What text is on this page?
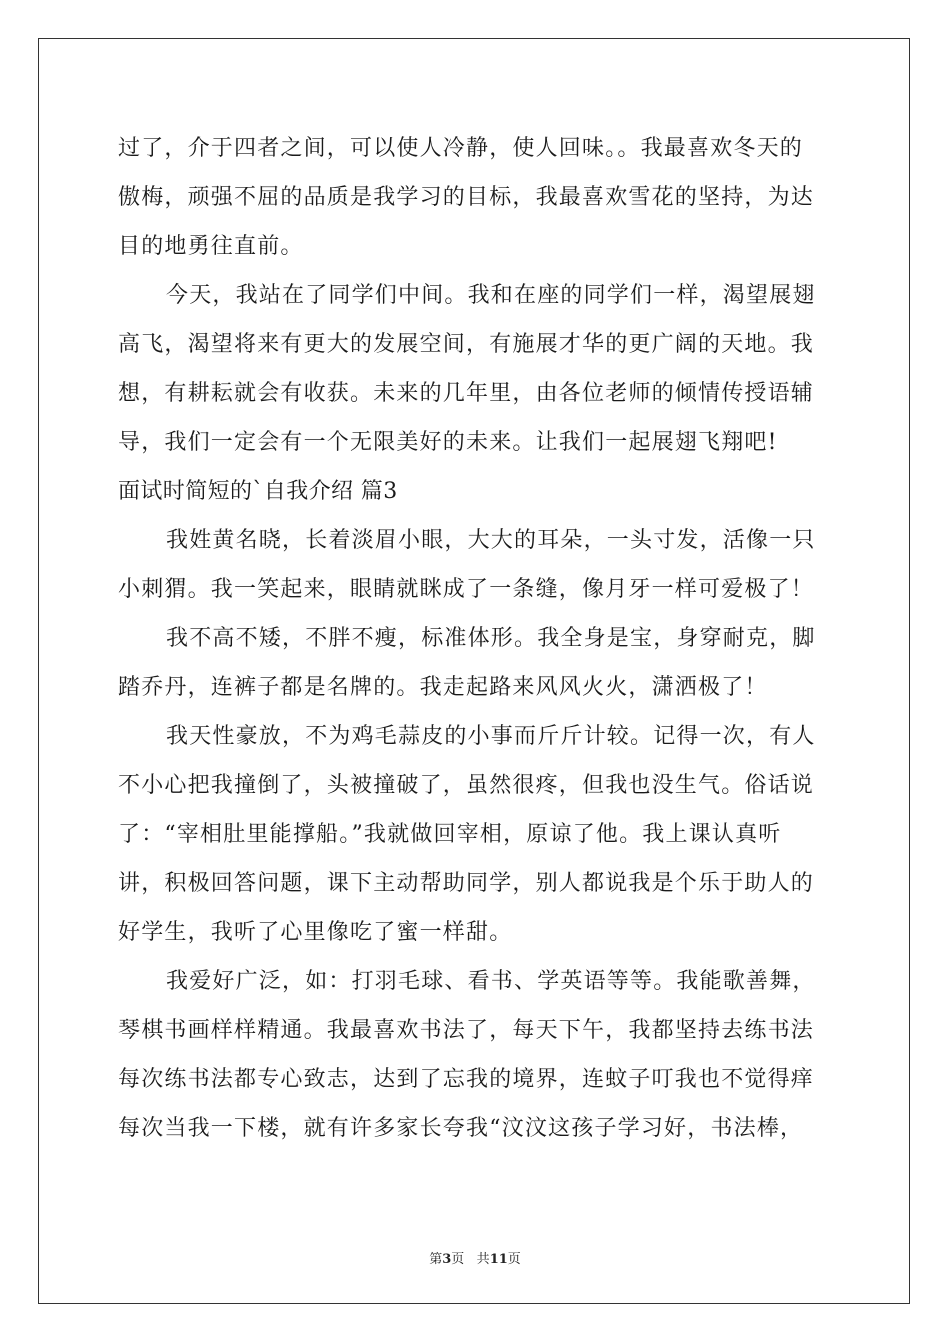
过了，介于四者之间，可以使人冷静，使人回味。。我最喜欢冬天的
傲梅，顽强不屈的品质是我学习的目标，我最喜欢雪花的坚持，为达
目的地勇往直前。
今天，我站在了同学们中间。我和在座的同学们一样，渴望展翅
高飞，渴望将来有更大的发展空间，有施展才华的更广阔的天地。我
想，有耕耘就会有收获。未来的几年里，由各位老师的倾情传授语辅
导，我们一定会有一个无限美好的未来。让我们一起展翅飞翔吧!
面试时简短的`自我介绍 篇3
我姓黄名晓，长着淡眉小眼，大大的耳朵，一头寸发，活像一只
小刺猬。我一笑起来，眼睛就眯成了一条缝，像月牙一样可爱极了！
我不高不矮，不胖不瘦，标准体形。我全身是宝，身穿耐克，脚
踏乔丹，连裤子都是名牌的。我走起路来风风火火，潇洒极了！
我天性豪放，不为鸡毛蒜皮的小事而斤斤计较。记得一次，有人
不小心把我撞倒了，头被撞破了，虽然很疼，但我也没生气。俗话说
了：“宰相肚里能撑船。”我就做回宰相，原谅了他。我上课认真听
讲，积极回答问题，课下主动帮助同学，别人都说我是个乐于助人的
好学生，我听了心里像吃了蜜一样甜。
我爱好广泛，如：打羽毛球、看书、学英语等等。我能歌善舞，
琴棋书画样样精通。我最喜欢书法了，每天下午，我都坚持去练书法
每次练书法都专心致志，达到了忘我的境界，连蚊子叮我也不觉得痒
每次当我一下楼，就有许多家长夸我“汶汶这孩子学习好，书法棒，
第3页 共11页
